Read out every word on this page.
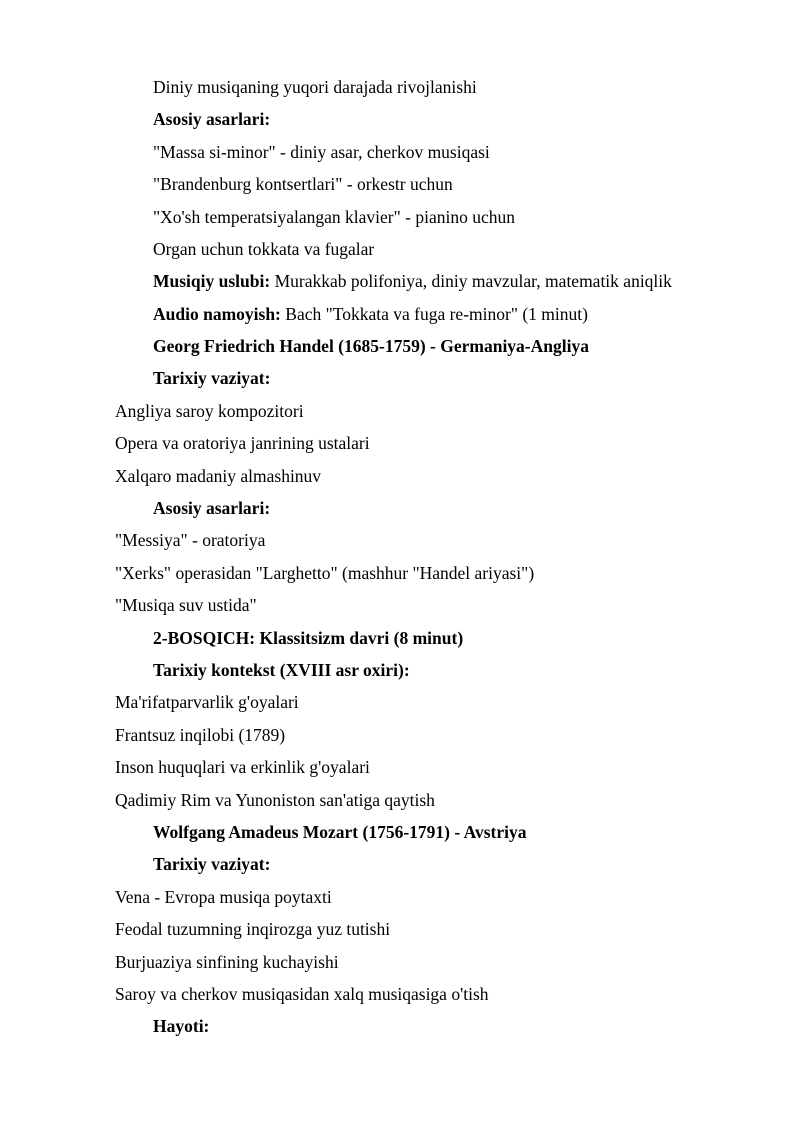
Diniy musiqaning yuqori darajada rivojlanishi
Asosiy asarlari:
"Massa si-minor" - diniy asar, cherkov musiqasi
"Brandenburg kontsertlari" - orkestr uchun
"Xo'sh temperatsiyalangan klavier" - pianino uchun
Organ uchun tokkata va fugalar
Musiqiy uslubi: Murakkab polifoniya, diniy mavzular, matematik aniqlik
Audio namoyish: Bach "Tokkata va fuga re-minor" (1 minut)
Georg Friedrich Handel (1685-1759) - Germaniya-Angliya
Tarixiy vaziyat:
Angliya saroy kompozitori
Opera va oratoriya janrining ustalari
Xalqaro madaniy almashinuv
Asosiy asarlari:
"Messiya" - oratoriya
"Xerks" operasidan "Larghetto" (mashhur "Handel ariyasi")
"Musiqa suv ustida"
2-BOSQICH: Klassitsizm davri (8 minut)
Tarixiy kontekst (XVIII asr oxiri):
Ma'rifatparvarlik g'oyalari
Frantsuz inqilobi (1789)
Inson huquqlari va erkinlik g'oyalari
Qadimiy Rim va Yunoniston san'atiga qaytish
Wolfgang Amadeus Mozart (1756-1791) - Avstriya
Tarixiy vaziyat:
Vena - Evropa musiqa poytaxti
Feodal tuzumning inqirozga yuz tutishi
Burjuaziya sinfining kuchayishi
Saroy va cherkov musiqasidan xalq musiqasiga o'tish
Hayoti:
